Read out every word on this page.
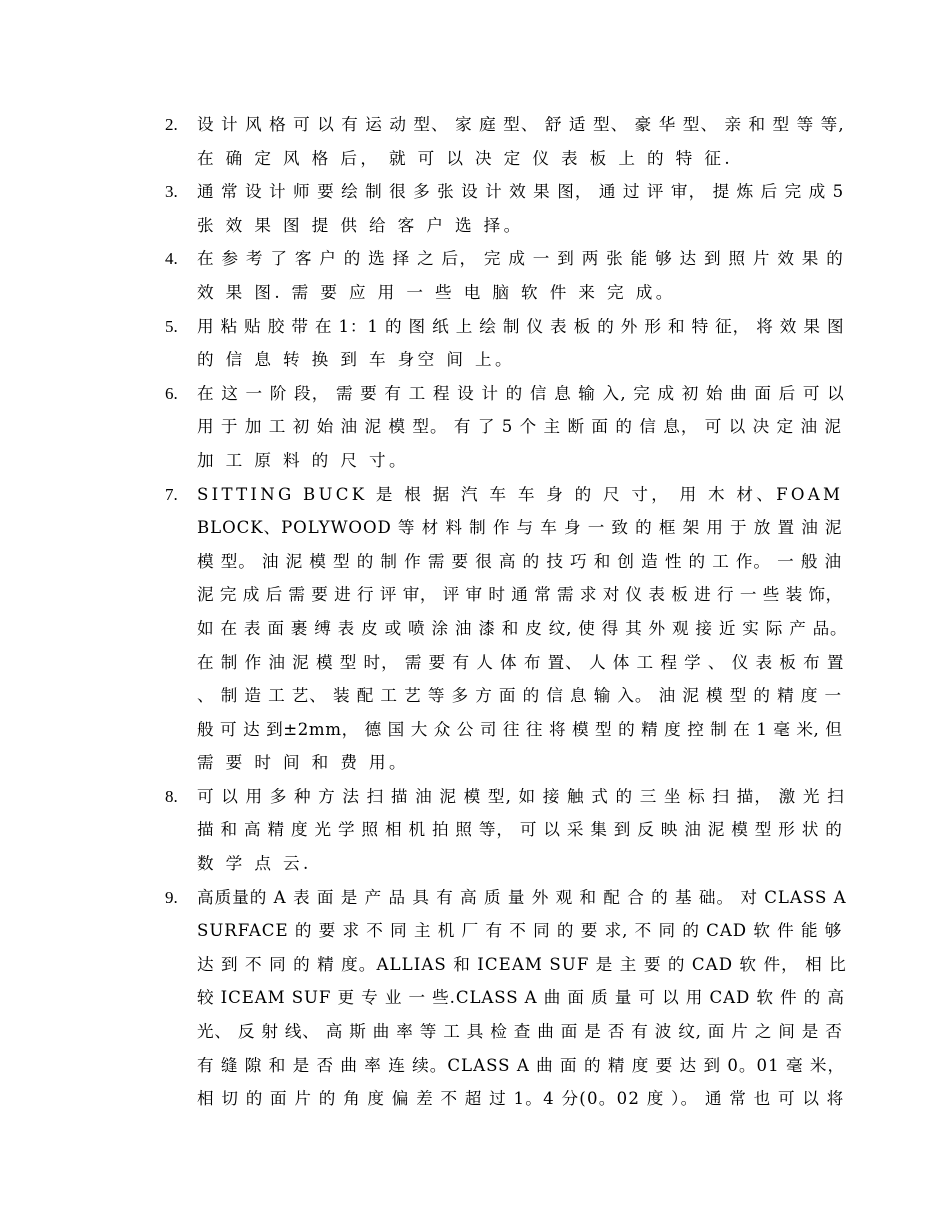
2.	设 计 风 格 可 以 有 运 动 型、 家 庭 型、 舒 适 型、 豪 华 型、 亲 和 型 等 等,
在 确 定 风 格 后， 就 可 以 决 定 仪 表 板 上 的 特 征.
3.	通 常 设 计 师 要 绘 制 很 多 张 设 计 效 果 图， 通 过 评 审， 提 炼 后 完 成 5
张 效 果 图 提 供 给 客 户 选 择。
4.	在 参 考 了 客 户 的 选 择 之 后， 完 成 一 到 两 张 能 够 达 到 照 片 效 果 的
效 果 图. 需 要 应 用 一 些 电 脑 软 件 来 完 成。
5.	用 粘 贴 胶 带 在 1：1 的 图 纸 上 绘 制 仪 表 板 的 外 形 和 特 征， 将 效 果 图
的 信 息 转 换 到 车 身空 间 上。
6.	在 这 一 阶 段， 需 要 有 工 程 设 计 的 信 息 输 入, 完 成 初 始 曲 面 后 可 以
用 于 加 工 初 始 油 泥 模 型。 有 了 5 个 主 断 面 的 信 息， 可 以 决 定 油 泥
加 工 原 料 的 尺 寸。
7.	SITTING BUCK 是 根 据 汽 车 车 身 的 尺 寸， 用 木 材、FOAM
BLOCK、POLYWOOD 等 材 料 制 作 与 车 身 一 致 的 框 架 用 于 放 置 油 泥
模 型。 油 泥 模 型 的 制 作 需 要 很 高 的 技 巧 和 创 造 性 的 工 作。 一 般 油
泥 完 成 后 需 要 进 行 评 审， 评 审 时 通 常 需 求 对 仪 表 板 进 行 一 些 装 饰，
如 在 表 面 裹 缚 表 皮 或 喷 涂 油 漆 和 皮 纹, 使 得 其 外 观 接 近 实 际 产 品。
在 制 作 油 泥 模 型 时， 需 要 有 人 体 布 置、 人 体 工 程 学 、 仪 表 板 布 置
、 制 造 工 艺、 装 配 工 艺 等 多 方 面 的 信 息 输 入。 油 泥 模 型 的 精 度 一
般 可 达 到±2mm， 德 国 大 众 公 司 往 往 将 模 型 的 精 度 控 制 在 1 毫 米, 但
需 要 时 间 和 费 用。
8.	可 以 用 多 种 方 法 扫 描 油 泥 模 型, 如 接 触 式 的 三 坐 标 扫 描， 激 光 扫
描 和 高 精 度 光 学 照 相 机 拍 照 等， 可 以 采 集 到 反 映 油 泥 模 型 形 状 的
数 学 点 云.
9.	高质量的 A 表 面 是 产 品 具 有 高 质 量 外 观 和 配 合 的 基 础。 对 CLASS A
SURFACE 的 要 求 不 同 主 机 厂 有 不 同 的 要 求, 不 同 的 CAD 软 件 能 够
达 到 不 同 的 精 度。ALLIAS 和 ICEAM SUF 是 主 要 的 CAD 软 件， 相 比
较 ICEAM SUF 更 专 业 一 些.CLASS A 曲 面 质 量 可 以 用 CAD 软 件 的 高
光、 反 射 线、 高 斯 曲 率 等 工 具 检 查 曲 面 是 否 有 波 纹, 面 片 之 间 是 否
有 缝 隙 和 是 否 曲 率 连 续。CLASS A 曲 面 的 精 度 要 达 到 0。01 毫 米，
相 切 的 面 片 的 角 度 偏 差 不 超 过 1。4 分(0。02 度 ）。 通 常 也 可 以 将
